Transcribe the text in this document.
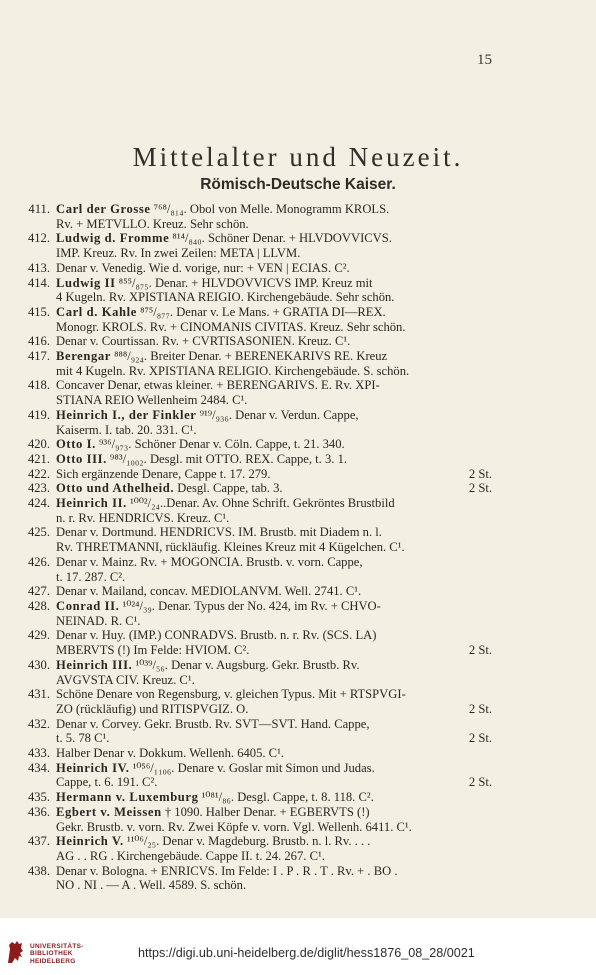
15
Mittelalter und Neuzeit.
Römisch-Deutsche Kaiser.
411. Carl der Grosse ⁷⁶⁸/₈₁₄. Obol von Melle. Monogramm KROLS.
Rv. + METVLLO. Kreuz. Sehr schön.
412. Ludwig d. Fromme ⁸¹⁴/₈₄₀. Schöner Denar. + HLVDOVVICVS.
IMP. Kreuz. Rv. In zwei Zeilen: META | LLVM.
413. Denar v. Venedig. Wie d. vorige, nur: + VEN | ECIAS. C².
414. Ludwig II ⁸⁵⁵/₈₇₅. Denar. + HLVDOVVICVS IMP. Kreuz mit
4 Kugeln. Rv. XPISTIANA REIGIO. Kirchengebäude. Sehr schön.
415. Carl d. Kahle ⁸⁷⁵/₈₇₇. Denar v. Le Mans. + GRATIA DI—REX.
Monogr. KROLS. Rv. + CINOMANIS CIVITAS. Kreuz. Sehr schön.
416. Denar v. Courtissan. Rv. + CVRTISASONIEN. Kreuz. C¹.
417. Berengar ⁸⁸⁸/₉₂₄. Breiter Denar. + BERENEKARIVS RE. Kreuz
mit 4 Kugeln. Rv. XPISTIANA RELIGIO. Kirchengebäude. S. schön.
418. Concaver Denar, etwas kleiner. + BERENGARIVS. E. Rv. XPI-
STIANA REIO Wellenheim 2484. C¹.
419. Heinrich I., der Finkler ⁹¹⁹/₉₃₆. Denar v. Verdun. Cappe,
Kaiserm. I. tab. 20. 331. C¹.
420. Otto I. ⁹³⁶/₉₇₃. Schöner Denar v. Cöln. Cappe, t. 21. 340.
421. Otto III. ⁹⁸³/₁₀₀₂. Desgl. mit OTTO. REX. Cappe, t. 3. 1.
422. Sich ergänzende Denare, Cappe t. 17. 279.	2 St.
423. Otto und Athelheid. Desgl. Cappe, tab. 3.	2 St.
424. Heinrich II. ¹⁰⁰²/₂₄..Denar. Av. Ohne Schrift. Gekröntes Brustbild
n. r. Rv. HENDRICVS. Kreuz. C¹.
425. Denar v. Dortmund. HENDRICVS. IM. Brustb. mit Diadem n. l.
Rv. THRETMANNI, rückläufig. Kleines Kreuz mit 4 Kügelchen. C¹.
426. Denar v. Mainz. Rv. + MOGONCIA. Brustb. v. vorn. Cappe,
t. 17. 287. C².
427. Denar v. Mailand, concav. MEDIOLANVM. Well. 2741. C¹.
428. Conrad II. ¹⁰²⁴/₃₉. Denar. Typus der No. 424, im Rv. + CHVO-
NEINAD. R. C¹.
429. Denar v. Huy. (IMP.) CONRADVS. Brustb. n. r. Rv. (SCS. LA)
MBERVTS (!) Im Felde: HVIOM. C².	2 St.
430. Heinrich III. ¹⁰³⁹/₅₆. Denar v. Augsburg. Gekr. Brustb. Rv.
AVGVSTA CIV. Kreuz. C¹.
431. Schöne Denare von Regensburg, v. gleichen Typus. Mit + RTSPVGI-
ZO (rückläufig) und RITISPVGIZ. O.	2 St.
432. Denar v. Corvey. Gekr. Brustb. Rv. SVT—SVT. Hand. Cappe,
t. 5. 78 C¹.	2 St.
433. Halber Denar v. Dokkum. Wellenh. 6405. C¹.
434. Heinrich IV. ¹⁰⁵⁶/₁₁₀₆. Denare v. Goslar mit Simon und Judas.
Cappe, t. 6. 191. C².	2 St.
435. Hermann v. Luxemburg ¹⁰⁸¹/₈₆. Desgl. Cappe, t. 8. 118. C².
436. Egbert v. Meissen † 1090. Halber Denar. + EGBERVTS (!)
Gekr. Brustb. v. vorn. Rv. Zwei Köpfe v. vorn. Vgl. Wellenh. 6411. C¹.
437. Heinrich V. ¹¹⁰⁶/₂₅. Denar v. Magdeburg. Brustb. n. l. Rv. . . .
AG . . RG . Kirchengebäude. Cappe II. t. 24. 267. C¹.
438. Denar v. Bologna. + ENRICVS. Im Felde: I . P . R . T . Rv. + . BO .
NO . NI . — A . Well. 4589. S. schön.
UNIVERSITÄTS-
BIBLIOTHEK
HEIDELBERG
https://digi.ub.uni-heidelberg.de/diglit/hess1876_08_28/0021
